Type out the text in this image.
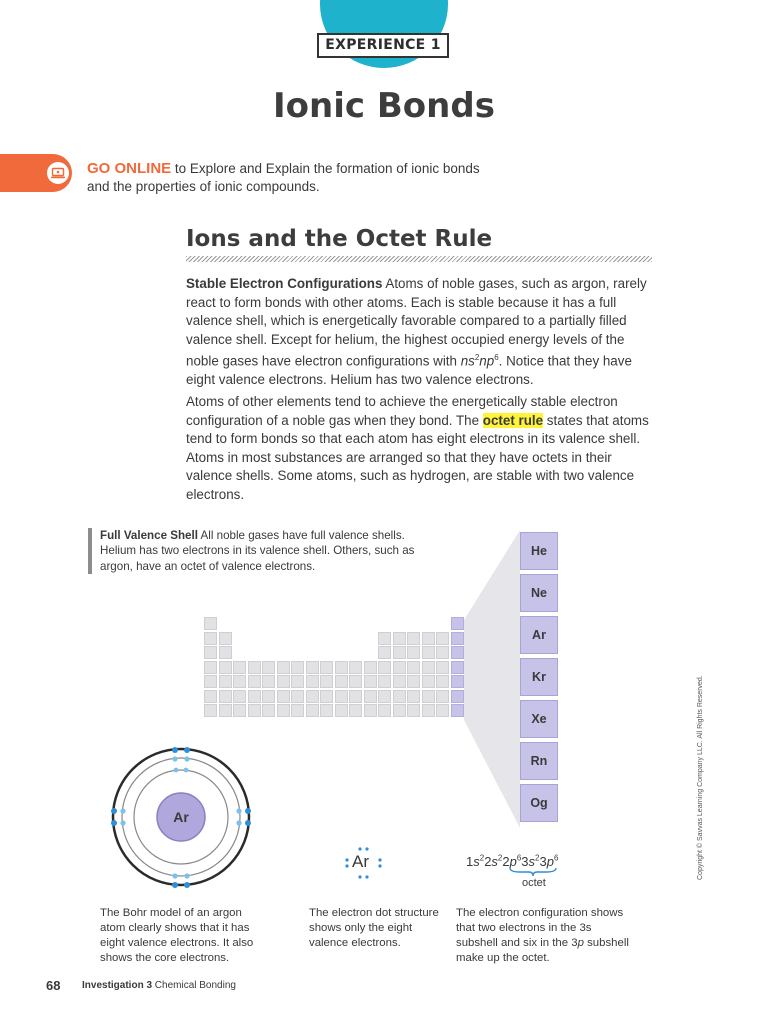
EXPERIENCE 1
Ionic Bonds
GO ONLINE to Explore and Explain the formation of ionic bonds
and the properties of ionic compounds.
Ions and the Octet Rule
Stable Electron Configurations Atoms of noble gases, such as argon, rarely react to form bonds with other atoms. Each is stable because it has a full valence shell, which is energetically favorable compared to a partially filled valence shell. Except for helium, the highest occupied energy levels of the noble gases have electron configurations with $ns^2np^6$. Notice that they have eight valence electrons. Helium has two valence electrons.
Atoms of other elements tend to achieve the energetically stable electron configuration of a noble gas when they bond. The octet rule states that atoms tend to form bonds so that each atom has eight electrons in its valence shell. Atoms in most substances are arranged so that they have octets in their valence shells. Some atoms, such as hydrogen, are stable with two valence electrons.
Full Valence Shell All noble gases have full valence shells. Helium has two electrons in its valence shell. Others, such as argon, have an octet of valence electrons.
He
Ne
Ar
Kr
Xe
Rn
Og
Ar
Ar	$1s^22s^22p^63s^23p^6$
octet
The Bohr model of an argon atom clearly shows that it has eight valence electrons. It also shows the core electrons.
The electron dot structure shows only the eight valence electrons.
The electron configuration shows that two electrons in the 3s subshell and six in the 3p subshell make up the octet.
68 Investigation 3 Chemical Bonding
Copyright © Savvas Learning Company LLC. All Rights Reserved.
